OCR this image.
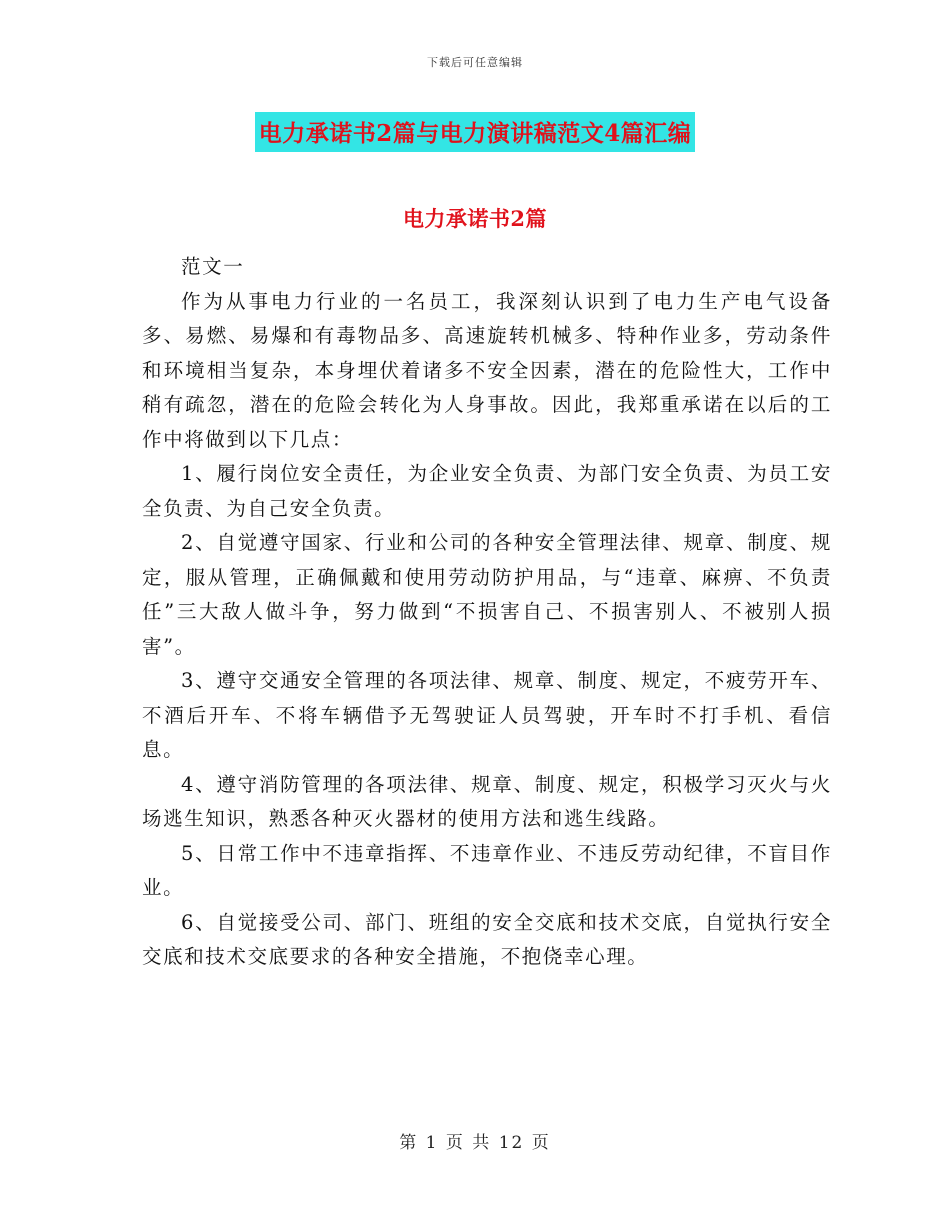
下载后可任意编辑
电力承诺书2篇与电力演讲稿范文4篇汇编
电力承诺书2篇

范文一

作为从事电力行业的一名员工，我深刻认识到了电力生产电气设备多、易燃、易爆和有毒物品多、高速旋转机械多、特种作业多，劳动条件和环境相当复杂，本身埋伏着诸多不安全因素，潜在的危险性大，工作中稍有疏忽，潜在的危险会转化为人身事故。因此，我郑重承诺在以后的工作中将做到以下几点：

1、履行岗位安全责任，为企业安全负责、为部门安全负责、为员工安全负责、为自己安全负责。

2、自觉遵守国家、行业和公司的各种安全管理法律、规章、制度、规定，服从管理，正确佩戴和使用劳动防护用品，与“违章、麻痹、不负责任”三大敌人做斗争，努力做到“不损害自己、不损害别人、不被别人损害”。

3、遵守交通安全管理的各项法律、规章、制度、规定，不疲劳开车、不酒后开车、不将车辆借予无驾驶证人员驾驶，开车时不打手机、看信息。

4、遵守消防管理的各项法律、规章、制度、规定，积极学习灭火与火场逃生知识，熟悉各种灭火器材的使用方法和逃生线路。

5、日常工作中不违章指挥、不违章作业、不违反劳动纪律，不盲目作业。

6、自觉接受公司、部门、班组的安全交底和技术交底，自觉执行安全交底和技术交底要求的各种安全措施，不抱侥幸心理。

第 1 页 共 12 页
